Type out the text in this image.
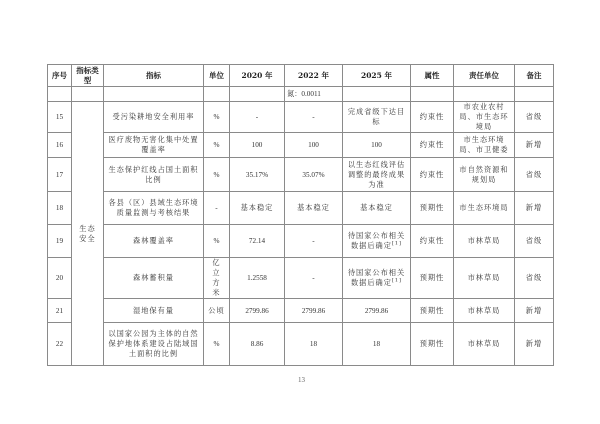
序号	指标类型	指标	单位	2020 年	2022 年	2025 年	属性	责任单位	备注
					氮：0.0011				
15	生态安全	受污染耕地安全利用率	%	-	-	完成省级下达目标	约束性	市农业农村局、市生态环境局	省级
16		医疗废物无害化集中处置覆盖率	%	100	100	100	约束性	市生态环境局、市卫健委	新增
17		生态保护红线占国土面积比例	%	35.17%	35.07%	以生态红线评估调整的最终成果为准	约束性	市自然资源和规划局	省级
18		各县（区）县域生态环境质量监测与考核结果	-	基本稳定	基本稳定	基本稳定	预期性	市生态环境局	新增
19		森林覆盖率	%	72.14	-	待国家公布相关数据后确定[1]	约束性	市林草局	省级
20		森林蓄积量	亿立方米	1.2558	-	待国家公布相关数据后确定[1]	预期性	市林草局	省级
21		湿地保有量	公顷	2799.86	2799.86	2799.86	预期性	市林草局	新增
22		以国家公园为主体的自然保护地体系建设占陆域国土面积的比例	%	8.86	18	18	预期性	市林草局	新增
13
